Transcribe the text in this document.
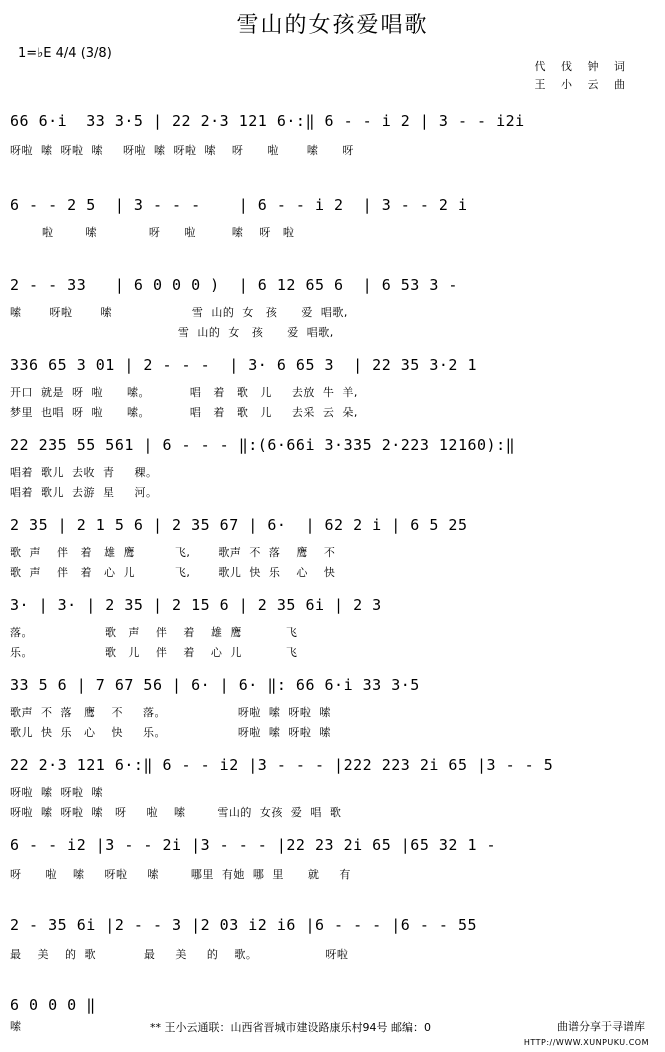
雪山的女孩爱唱歌
1=♭E 4/4 (3/8)
代 伐 钟 词
王 小 云 曲
66 6·i  33 3·5 | 22 2·3 121 6·:‖ 6 - - i 2 | 3 - - i2i
呀啦  嗦  呀啦  嗦     呀啦  嗦  呀啦  嗦    呀      啦       嗦      呀
6 - - 2 5  | 3 - - -    | 6 - - i 2  | 3 - - 2 i
啦        嗦             呀      啦         嗦    呀   啦
2 - - 33   | 6 0 0 0 )  | 6 12 65 6  | 6 53 3 -
嗦       呀啦       嗦                    雪  山的  女   孩      爱  唱歌,
雪  山的  女   孩      爱  唱歌,
336 65 3 01 | 2 - - -  | 3· 6 65 3  | 22 35 3·2 1
开口  就是  呀  啦      嗦。          唱   着   歌   儿     去放  牛  羊,
梦里  也唱  呀  啦      嗦。          唱   着   歌   儿     去采  云  朵,
22 235 55 561 | 6 - - - ‖:(6·66i 3·335 2·223 12160):‖
唱着  歌儿  去收  青     稞。
唱着  歌儿  去游  星     河。
2 35 | 2 1 5 6 | 2 35 67 | 6·  | 62 2 i | 6 5 25
歌  声    伴   着   雄  鹰          飞,       歌声  不  落    鹰    不
歌  声    伴   着   心  儿          飞,       歌儿  快  乐    心    快
3· | 3· | 2 35 | 2 15 6 | 2 35 6i | 2 3
落。                  歌   声    伴    着    雄  鹰           飞
乐。                  歌   儿    伴    着    心  儿           飞
33 5 6 | 7 67 56 | 6· | 6· ‖: 66 6·i 33 3·5
歌声  不  落   鹰    不     落。                  呀啦  嗦  呀啦  嗦
歌儿  快  乐   心    快     乐。                  呀啦  嗦  呀啦  嗦
22 2·3 121 6·:‖ 6 - - i2 |3 - - - |222 223 2i 65 |3 - - 5
呀啦  嗦  呀啦  嗦
呀啦  嗦  呀啦  嗦   呀     啦    嗦        雪山的  女孩  爱  唱  歌
6 - - i2 |3 - - 2i |3 - - - |22 23 2i 65 |65 32 1 -
呀      啦    嗦     呀啦     嗦        哪里  有她  哪  里      就     有
2 - 35 6i |2 - - 3 |2 03 i2 i6 |6 - - - |6 - - 55
最    美    的  歌            最     美     的    歌。                 呀啦
6 0 0 0 ‖
嗦	** 王小云通联：山西省晋城市建设路康乐村94号 邮编：0	曲谱分享于寻谱库
HTTP://WWW.XUNPUKU.COM
